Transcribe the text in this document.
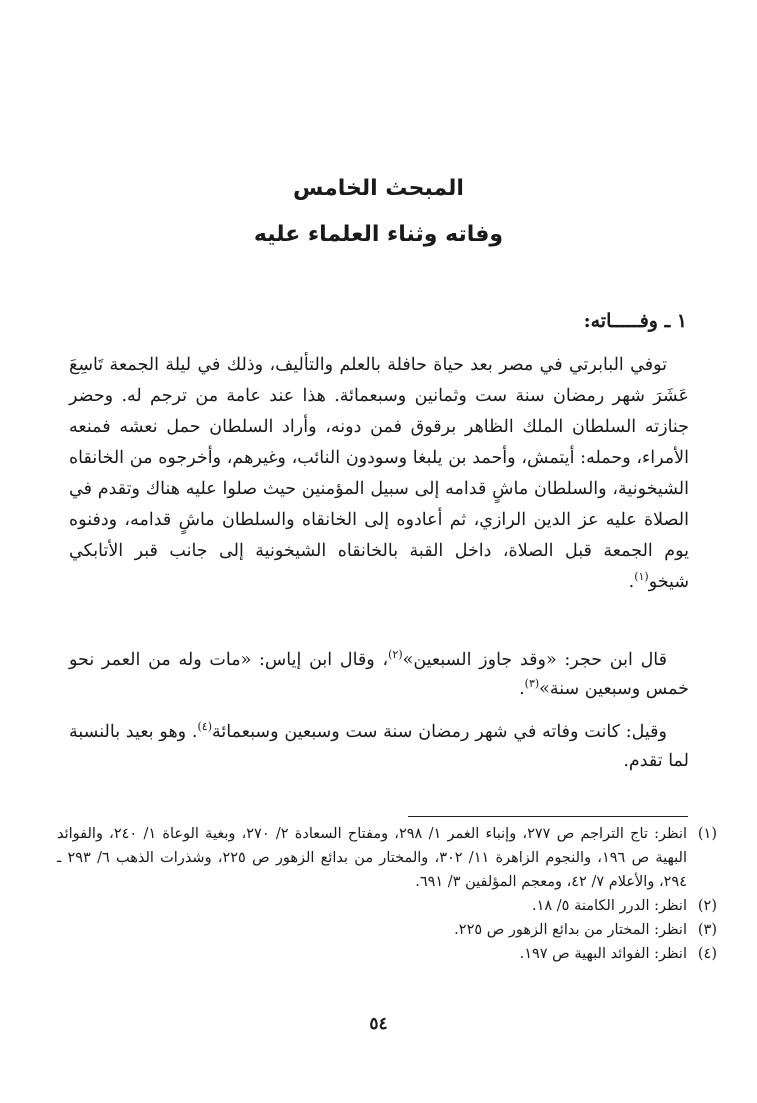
المبحث الخامس
وفاته وثناء العلماء عليه
١ ـ وفـــــاته:

توفي البابرتي في مصر بعد حياة حافلة بالعلم والتأليف، وذلك في ليلة الجمعة تَاسِعَ عَشَرَ شهر رمضان سنة ست وثمانين وسبعمائة. هذا عند عامة من ترجم له. وحضر جنازته السلطان الملك الظاهر برقوق فمن دونه، وأراد السلطان حمل نعشه فمنعه الأمراء، وحمله: أيتمش، وأحمد بن يلبغا وسودون النائب، وغيرهم، وأخرجوه من الخانقاه الشيخونية، والسلطان ماشٍ قدامه إلى سبيل المؤمنين حيث صلوا عليه هناك وتقدم في الصلاة عليه عز الدين الرازي، ثم أعادوه إلى الخانقاه والسلطان ماشٍ قدامه، ودفنوه يوم الجمعة قبل الصلاة، داخل القبة بالخانقاه الشيخونية إلى جانب قبر الأتابكي شيخو$^{(١)}$.

قال ابن حجر: «وقد جاوز السبعين»$^{(٢)}$، وقال ابن إياس: «مات وله من العمر نحو خمس وسبعين سنة»$^{(٣)}$.

وقيل: كانت وفاته في شهر رمضان سنة ست وسبعين وسبعمائة$^{(٤)}$. وهو بعيد بالنسبة لما تقدم.

(١)
انظر: تاج التراجم ص ٢٧٧، وإنباء الغمر ١/ ٢٩٨، ومفتاح السعادة ٢/ ٢٧٠، وبغية الوعاة ١/ ٢٤٠، والفوائد البهية ص ١٩٦، والنجوم الزاهرة ١١/ ٣٠٢، والمختار من بدائع الزهور ص ٢٢٥، وشذرات الذهب ٦/ ٢٩٣ ـ ٢٩٤، والأعلام ٧/ ٤٢، ومعجم المؤلفين ٣/ ٦٩١.
(٢)
انظر: الدرر الكامنة ٥/ ١٨.
(٣)
انظر: المختار من بدائع الزهور ص ٢٢٥.
(٤)
انظر: الفوائد البهية ص ١٩٧.
٥٤
